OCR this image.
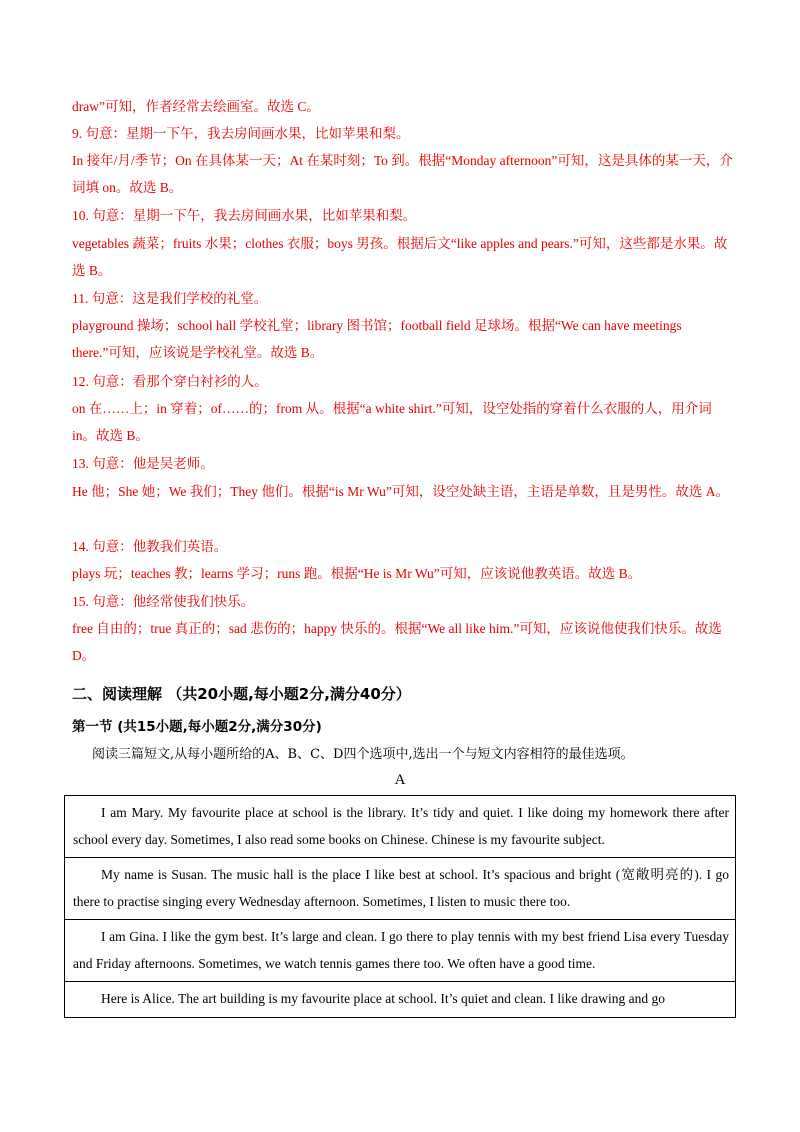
draw”可知，作者经常去绘画室。故选 C。

9. 句意：星期一下午，我去房间画水果，比如苹果和梨。

In 接年/月/季节；On 在具体某一天；At 在某时刻；To 到。根据“Monday afternoon”可知，这是具体的某一天，介词填 on。故选 B。

10. 句意：星期一下午，我去房间画水果，比如苹果和梨。

vegetables 蔬菜；fruits 水果；clothes 衣服；boys 男孩。根据后文“like apples and pears.”可知，这些都是水果。故选 B。

11. 句意：这是我们学校的礼堂。

playground 操场；school hall 学校礼堂；library 图书馆；football field 足球场。根据“We can have meetings there.”可知，应该说是学校礼堂。故选 B。

12. 句意：看那个穿白衬衫的人。

on 在……上；in 穿着；of……的；from 从。根据“a white shirt.”可知，设空处指的穿着什么衣服的人，用介词 in。故选 B。

13. 句意：他是吴老师。

He 他；She 她；We 我们；They 他们。根据“is Mr Wu”可知，设空处缺主语，主语是单数，且是男性。故选 A。

14. 句意：他教我们英语。

plays 玩；teaches 教；learns 学习；runs 跑。根据“He is Mr Wu”可知，应该说他教英语。故选 B。

15. 句意：他经常使我们快乐。

free 自由的；true 真正的；sad 悲伤的；happy 快乐的。根据“We all like him.”可知，应该说他使我们快乐。故选 D。

二、阅读理解 （共20小题,每小题2分,满分40分）
第一节 (共15小题,每小题2分,满分30分)

阅读三篇短文,从每小题所给的A、B、C、D四个选项中,选出一个与短文内容相符的最佳选项。

A

I am Mary. My favourite place at school is the library. It’s tidy and quiet. I like doing my homework there after school every day. Sometimes, I also read some books on Chinese. Chinese is my favourite subject.

My name is Susan. The music hall is the place I like best at school. It’s spacious and bright (宽敞明亮的). I go there to practise singing every Wednesday afternoon. Sometimes, I listen to music there too.

I am Gina. I like the gym best. It’s large and clean. I go there to play tennis with my best friend Lisa every Tuesday and Friday afternoons. Sometimes, we watch tennis games there too. We often have a good time.

Here is Alice. The art building is my favourite place at school. It’s quiet and clean. I like drawing and go
